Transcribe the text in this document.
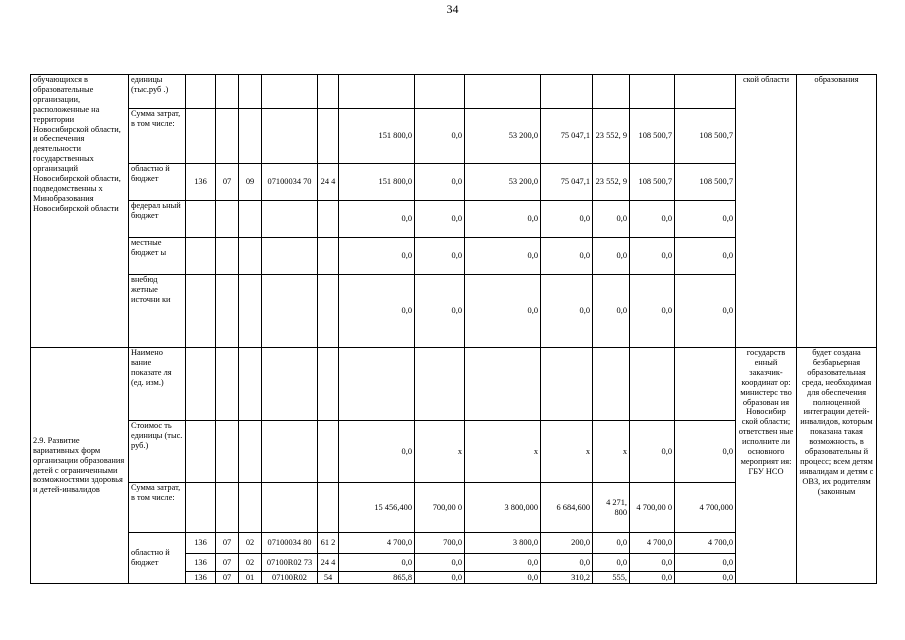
34
обучающихся в образовательные организации, расположенные на территории Новосибирской области, и обеспечения деятельности государственных организаций Новосибирской области, подведомственны х Минобразования Новосибирской области	единицы (тыс.руб .)													ской области	образования
	Сумма затрат, в том числе:						151 800,0	0,0	53 200,0	75 047,1	23 552, 9	108 500,7	108 500,7		
	областно й бюджет	136	07	09	07100034 70	24 4	151 800,0	0,0	53 200,0	75 047,1	23 552, 9	108 500,7	108 500,7		
	федерал ьный бюджет						0,0	0,0	0,0	0,0	0,0	0,0	0,0		
	местные бюджет ы						0,0	0,0	0,0	0,0	0,0	0,0	0,0		
	внебюд жетные источни ки						0,0	0,0	0,0	0,0	0,0	0,0	0,0		
2.9. Развитие вариативных форм организации образования детей с ограниченными возможностями здоровья и детей-инвалидов	Наимено вание показате ля (ед. изм.)													государств енный заказчик-координат ор: министерс тво образован ия Новосибир ской области; ответствен ные исполните ли основного мероприят ия: ГБУ НСО	будет создана безбарьерная образовательная среда, необходимая для обеспечения полноценной интеграции детей-инвалидов, которым показана такая возможность, в образовательны й процесс; всем детям инвалидам и детям с ОВЗ, их родителям (законным
	Стоимос ть единицы (тыс. руб.)						0,0	х	х	х	х	0,0	0,0		
	Сумма затрат, в том числе:						15 456,400	700,00 0	3 800,000	6 684,600	4 271, 800	4 700,00 0	4 700,000		
	областно й бюджет	136	07	02	07100034 80	61 2	4 700,0	700,0	3 800,0	200,0	0,0	4 700,0	4 700,0		
		136	07	02	07100R02 73	24 4	0,0	0,0	0,0	0,0	0,0	0,0	0,0		
		136	07	01	07100R02	54	865,8	0,0	0,0	310,2	555,	0,0	0,0		
